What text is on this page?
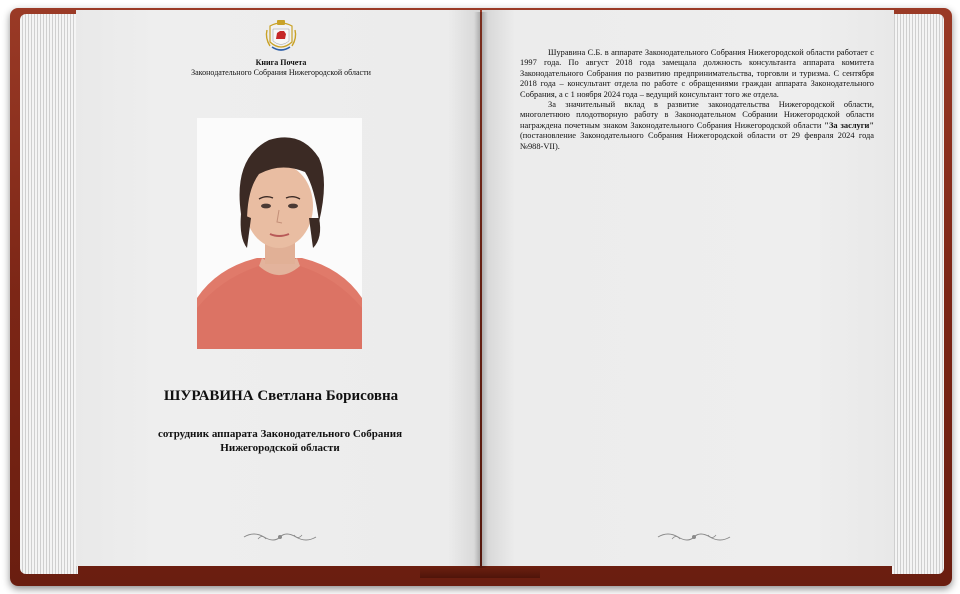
Книга Почета
Законодательного Собрания Нижегородской области
ШУРАВИНА Светлана Борисовна
сотрудник аппарата Законодательного Собрания
Нижегородской области

Шуравина С.Б. в аппарате Законодательного Собрания Нижегородской области работает с 1997 года. По август 2018 года замещала должность консультанта аппарата комитета Законодательного Собрания по развитию предпринимательства, торговли и туризма. С сентября 2018 года – консультант отдела по работе с обращениями граждан аппарата Законодательного Собрания, а с 1 ноября 2024 года – ведущий консультант того же отдела.

За значительный вклад в развитие законодательства Нижегородской области, многолетнюю плодотворную работу в Законодательном Собрании Нижегородской области награждена почетным знаком Законодательного Собрания Нижегородской области "За заслуги" (постановление Законодательного Собрания Нижегородской области от 29 февраля 2024 года №988-VII).
